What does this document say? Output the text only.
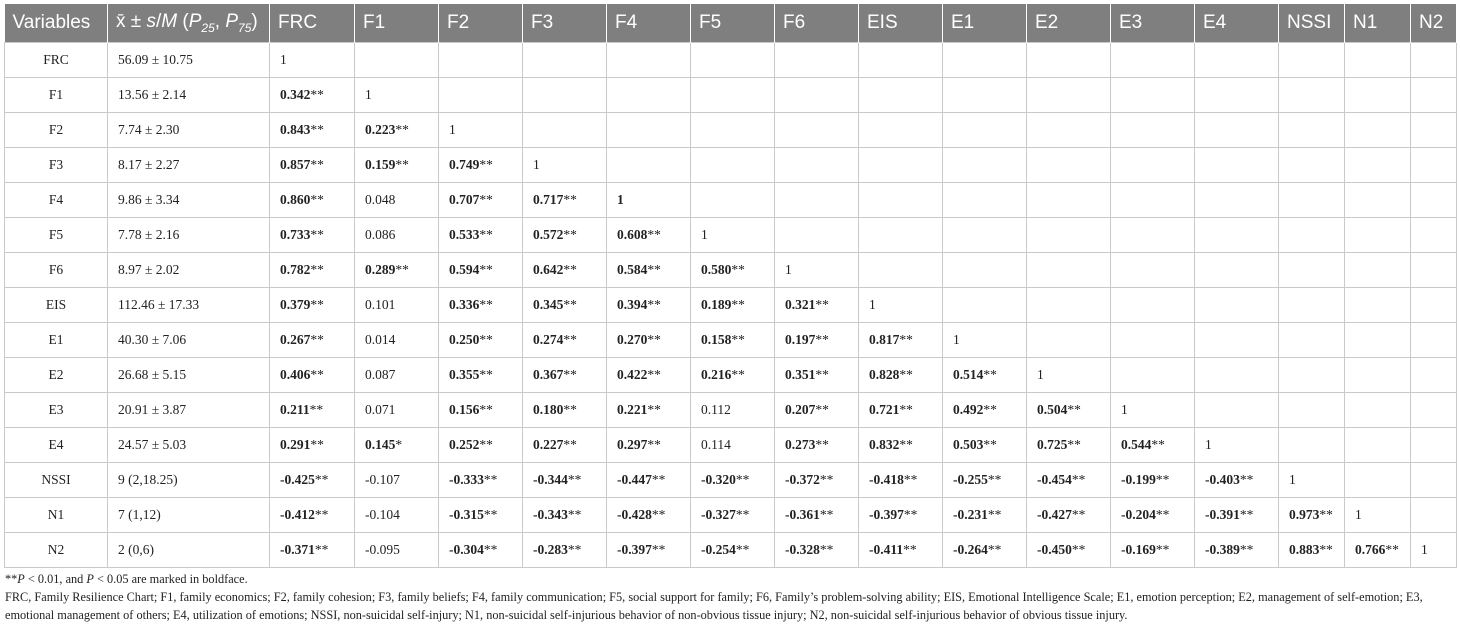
Variables	x̄ ± s/M ($P_{25}$, $P_{75}$)	FRC	F1	F2	F3	F4	F5	F6	EIS	E1	E2	E3	E4	NSSI	N1	N2
FRC	56.09 ± 10.75	1														
F1	13.56 ± 2.14	0.342**	1													
F2	7.74 ± 2.30	0.843**	0.223**	1												
F3	8.17 ± 2.27	0.857**	0.159**	0.749**	1											
F4	9.86 ± 3.34	0.860**	0.048	0.707**	0.717**	1										
F5	7.78 ± 2.16	0.733**	0.086	0.533**	0.572**	0.608**	1									
F6	8.97 ± 2.02	0.782**	0.289**	0.594**	0.642**	0.584**	0.580**	1								
EIS	112.46 ± 17.33	0.379**	0.101	0.336**	0.345**	0.394**	0.189**	0.321**	1							
E1	40.30 ± 7.06	0.267**	0.014	0.250**	0.274**	0.270**	0.158**	0.197**	0.817**	1						
E2	26.68 ± 5.15	0.406**	0.087	0.355**	0.367**	0.422**	0.216**	0.351**	0.828**	0.514**	1					
E3	20.91 ± 3.87	0.211**	0.071	0.156**	0.180**	0.221**	0.112	0.207**	0.721**	0.492**	0.504**	1				
E4	24.57 ± 5.03	0.291**	0.145*	0.252**	0.227**	0.297**	0.114	0.273**	0.832**	0.503**	0.725**	0.544**	1			
NSSI	9 (2,18.25)	-0.425**	-0.107	-0.333**	-0.344**	-0.447**	-0.320**	-0.372**	-0.418**	-0.255**	-0.454**	-0.199**	-0.403**	1		
N1	7 (1,12)	-0.412**	-0.104	-0.315**	-0.343**	-0.428**	-0.327**	-0.361**	-0.397**	-0.231**	-0.427**	-0.204**	-0.391**	0.973**	1	
N2	2 (0,6)	-0.371**	-0.095	-0.304**	-0.283**	-0.397**	-0.254**	-0.328**	-0.411**	-0.264**	-0.450**	-0.169**	-0.389**	0.883**	0.766**	1

**P < 0.01, and P < 0.05 are marked in boldface.

FRC, Family Resilience Chart; F1, family economics; F2, family cohesion; F3, family beliefs; F4, family communication; F5, social support for family; F6, Family’s problem-solving ability; EIS, Emotional Intelligence Scale; E1, emotion perception; E2, management of self-emotion; E3, emotional management of others; E4, utilization of emotions; NSSI, non-suicidal self-injury; N1, non-suicidal self-injurious behavior of non-obvious tissue injury; N2, non-suicidal self-injurious behavior of obvious tissue injury.
